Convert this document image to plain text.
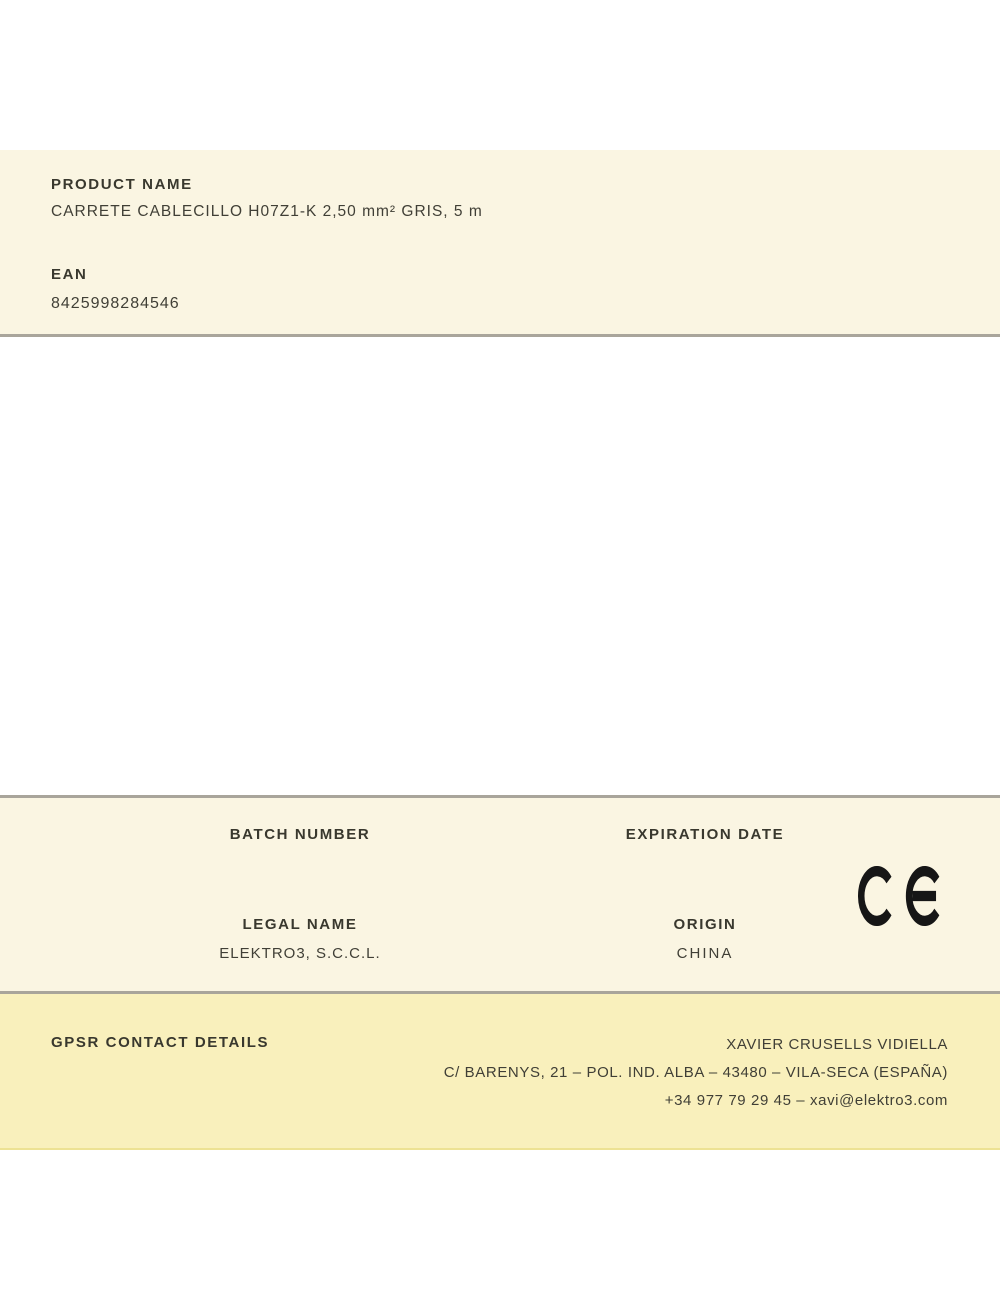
PRODUCT NAME
CARRETE CABLECILLO H07Z1-K 2,50 mm² GRIS, 5 m
EAN
8425998284546
BATCH NUMBER	EXPIRATION DATE
LEGAL NAME
ELEKTRO3, S.C.C.L.
ORIGIN
CHINA
GPSR CONTACT DETAILS	XAVIER CRUSELLS VIDIELLA
C/ BARENYS, 21 – POL. IND. ALBA – 43480 – VILA-SECA (ESPAÑA)
+34 977 79 29 45 – xavi@elektro3.com
